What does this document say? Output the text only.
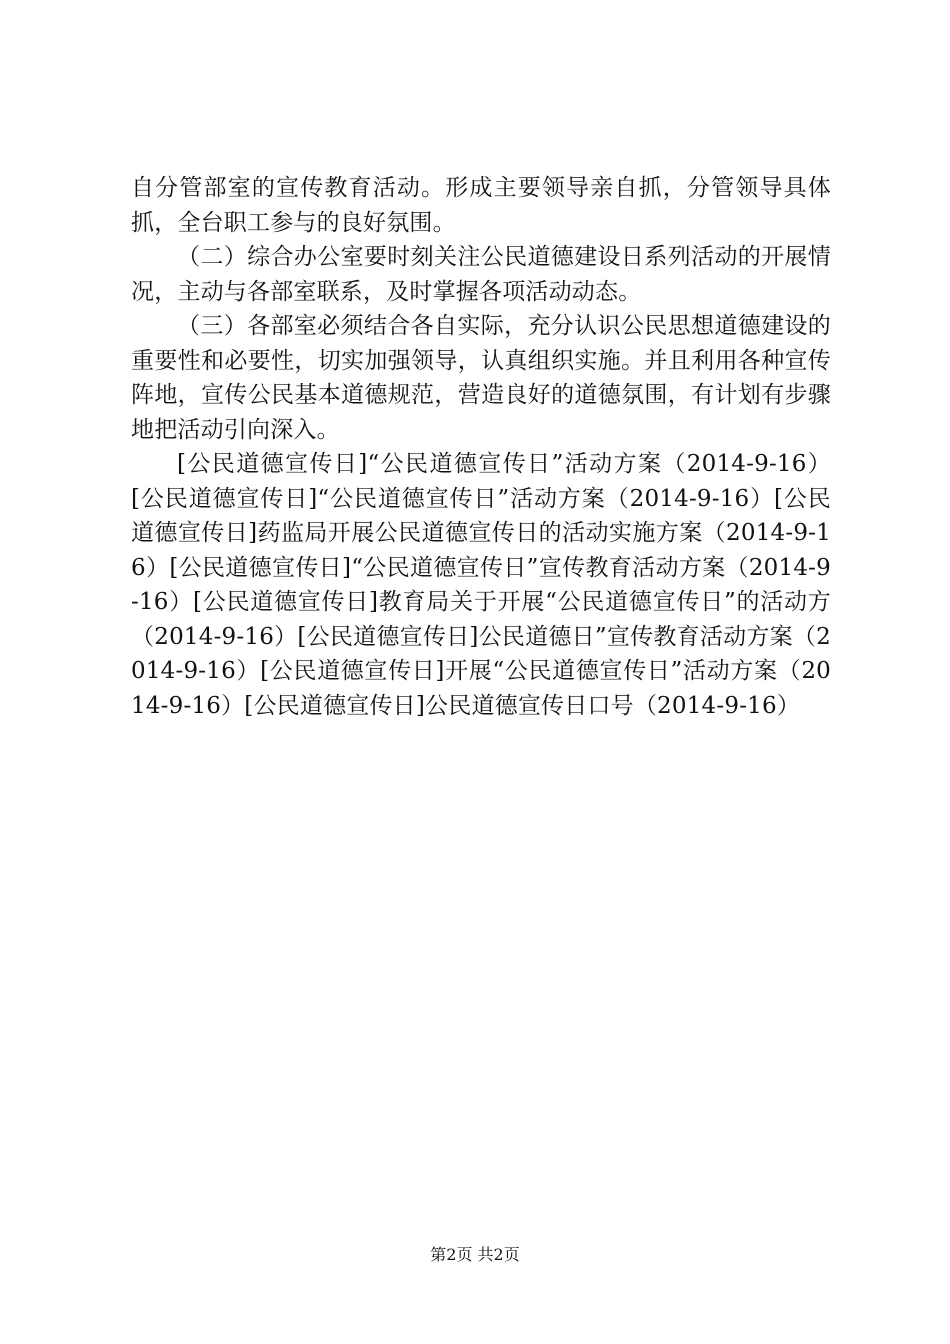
自分管部室的宣传教育活动。形成主要领导亲自抓，分管领导具体抓，全台职工参与的良好氛围。

（二）综合办公室要时刻关注公民道德建设日系列活动的开展情况，主动与各部室联系，及时掌握各项活动动态。

（三）各部室必须结合各自实际，充分认识公民思想道德建设的重要性和必要性，切实加强领导，认真组织实施。并且利用各种宣传阵地，宣传公民基本道德规范，营造良好的道德氛围，有计划有步骤地把活动引向深入。

[公民道德宣传日]“公民道德宣传日”活动方案（2014-9-16）[公民道德宣传日]“公民道德宣传日”活动方案（2014-9-16）[公民道德宣传日]药监局开展公民道德宣传日的活动实施方案（2014-9-16）[公民道德宣传日]“公民道德宣传日”宣传教育活动方案（2014-9-16）[公民道德宣传日]教育局关于开展“公民道德宣传日”的活动方（2014-9-16）[公民道德宣传日]公民道德日”宣传教育活动方案（2014-9-16）[公民道德宣传日]开展“公民道德宣传日”活动方案（2014-9-16）[公民道德宣传日]公民道德宣传日口号（2014-9-16）

第2页 共2页
